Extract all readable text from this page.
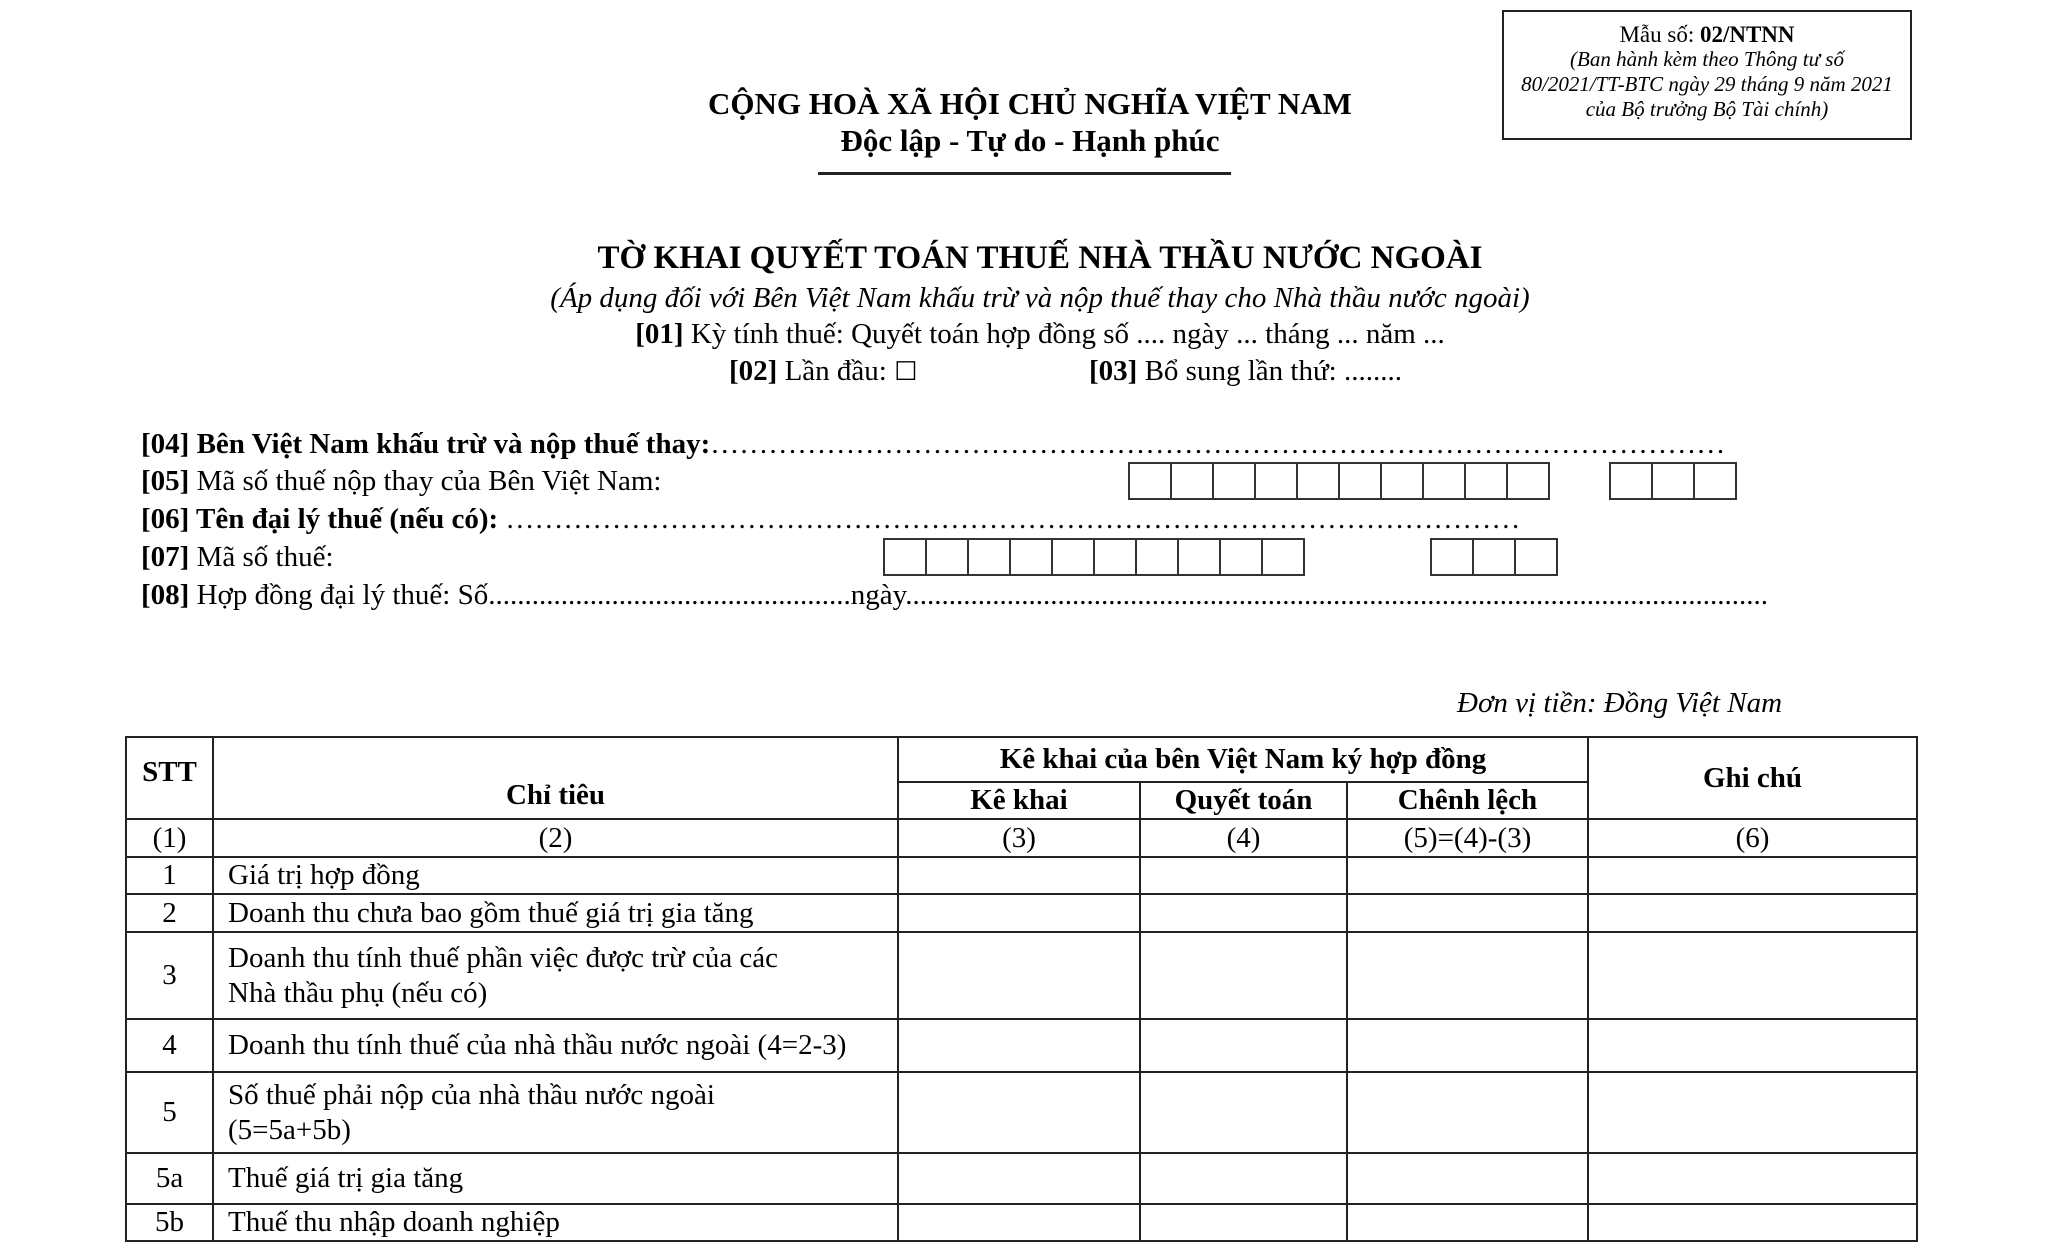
Mẫu số: 02/NTNN
(Ban hành kèm theo Thông tư số
80/2021/TT-BTC ngày 29 tháng 9 năm 2021
của Bộ trưởng Bộ Tài chính)
CỘNG HOÀ XÃ HỘI CHỦ NGHĨA VIỆT NAM
Độc lập - Tự do - Hạnh phúc
TỜ KHAI QUYẾT TOÁN THUẾ NHÀ THẦU NƯỚC NGOÀI
(Áp dụng đối với Bên Việt Nam khấu trừ và nộp thuế thay cho Nhà thầu nước ngoài)
[01] Kỳ tính thuế: Quyết toán hợp đồng số .... ngày ... tháng ... năm ...
[02] Lần đầu: ☐	[03] Bổ sung lần thứ: ........
[04] Bên Việt Nam khấu trừ và nộp thuế thay:……………………………………………………………………………………………
[05] Mã số thuế nộp thay của Bên Việt Nam:
[06] Tên đại lý thuế (nếu có): ……………………………………………………………………………………………
[07] Mã số thuế:
[08] Hợp đồng đại lý thuế: Số..................................................ngày.......................................................................................................................
Đơn vị tiền: Đồng Việt Nam
STT	Chỉ tiêu	Kê khai của bên Việt Nam ký hợp đồng			Ghi chú
		Kê khai	Quyết toán	Chênh lệch	
(1)	(2)	(3)	(4)	(5)=(4)-(3)	(6)
1	Giá trị hợp đồng				
2	Doanh thu chưa bao gồm thuế giá trị gia tăng				
3	Doanh thu tính thuế phần việc được trừ của các
Nhà thầu phụ (nếu có)				

4	Doanh thu tính thuế của nhà thầu nước ngoài (4=2-3)				
5	Số thuế phải nộp của nhà thầu nước ngoài
(5=5a+5b)				

5a	Thuế giá trị gia tăng				
5b	Thuế thu nhập doanh nghiệp				
